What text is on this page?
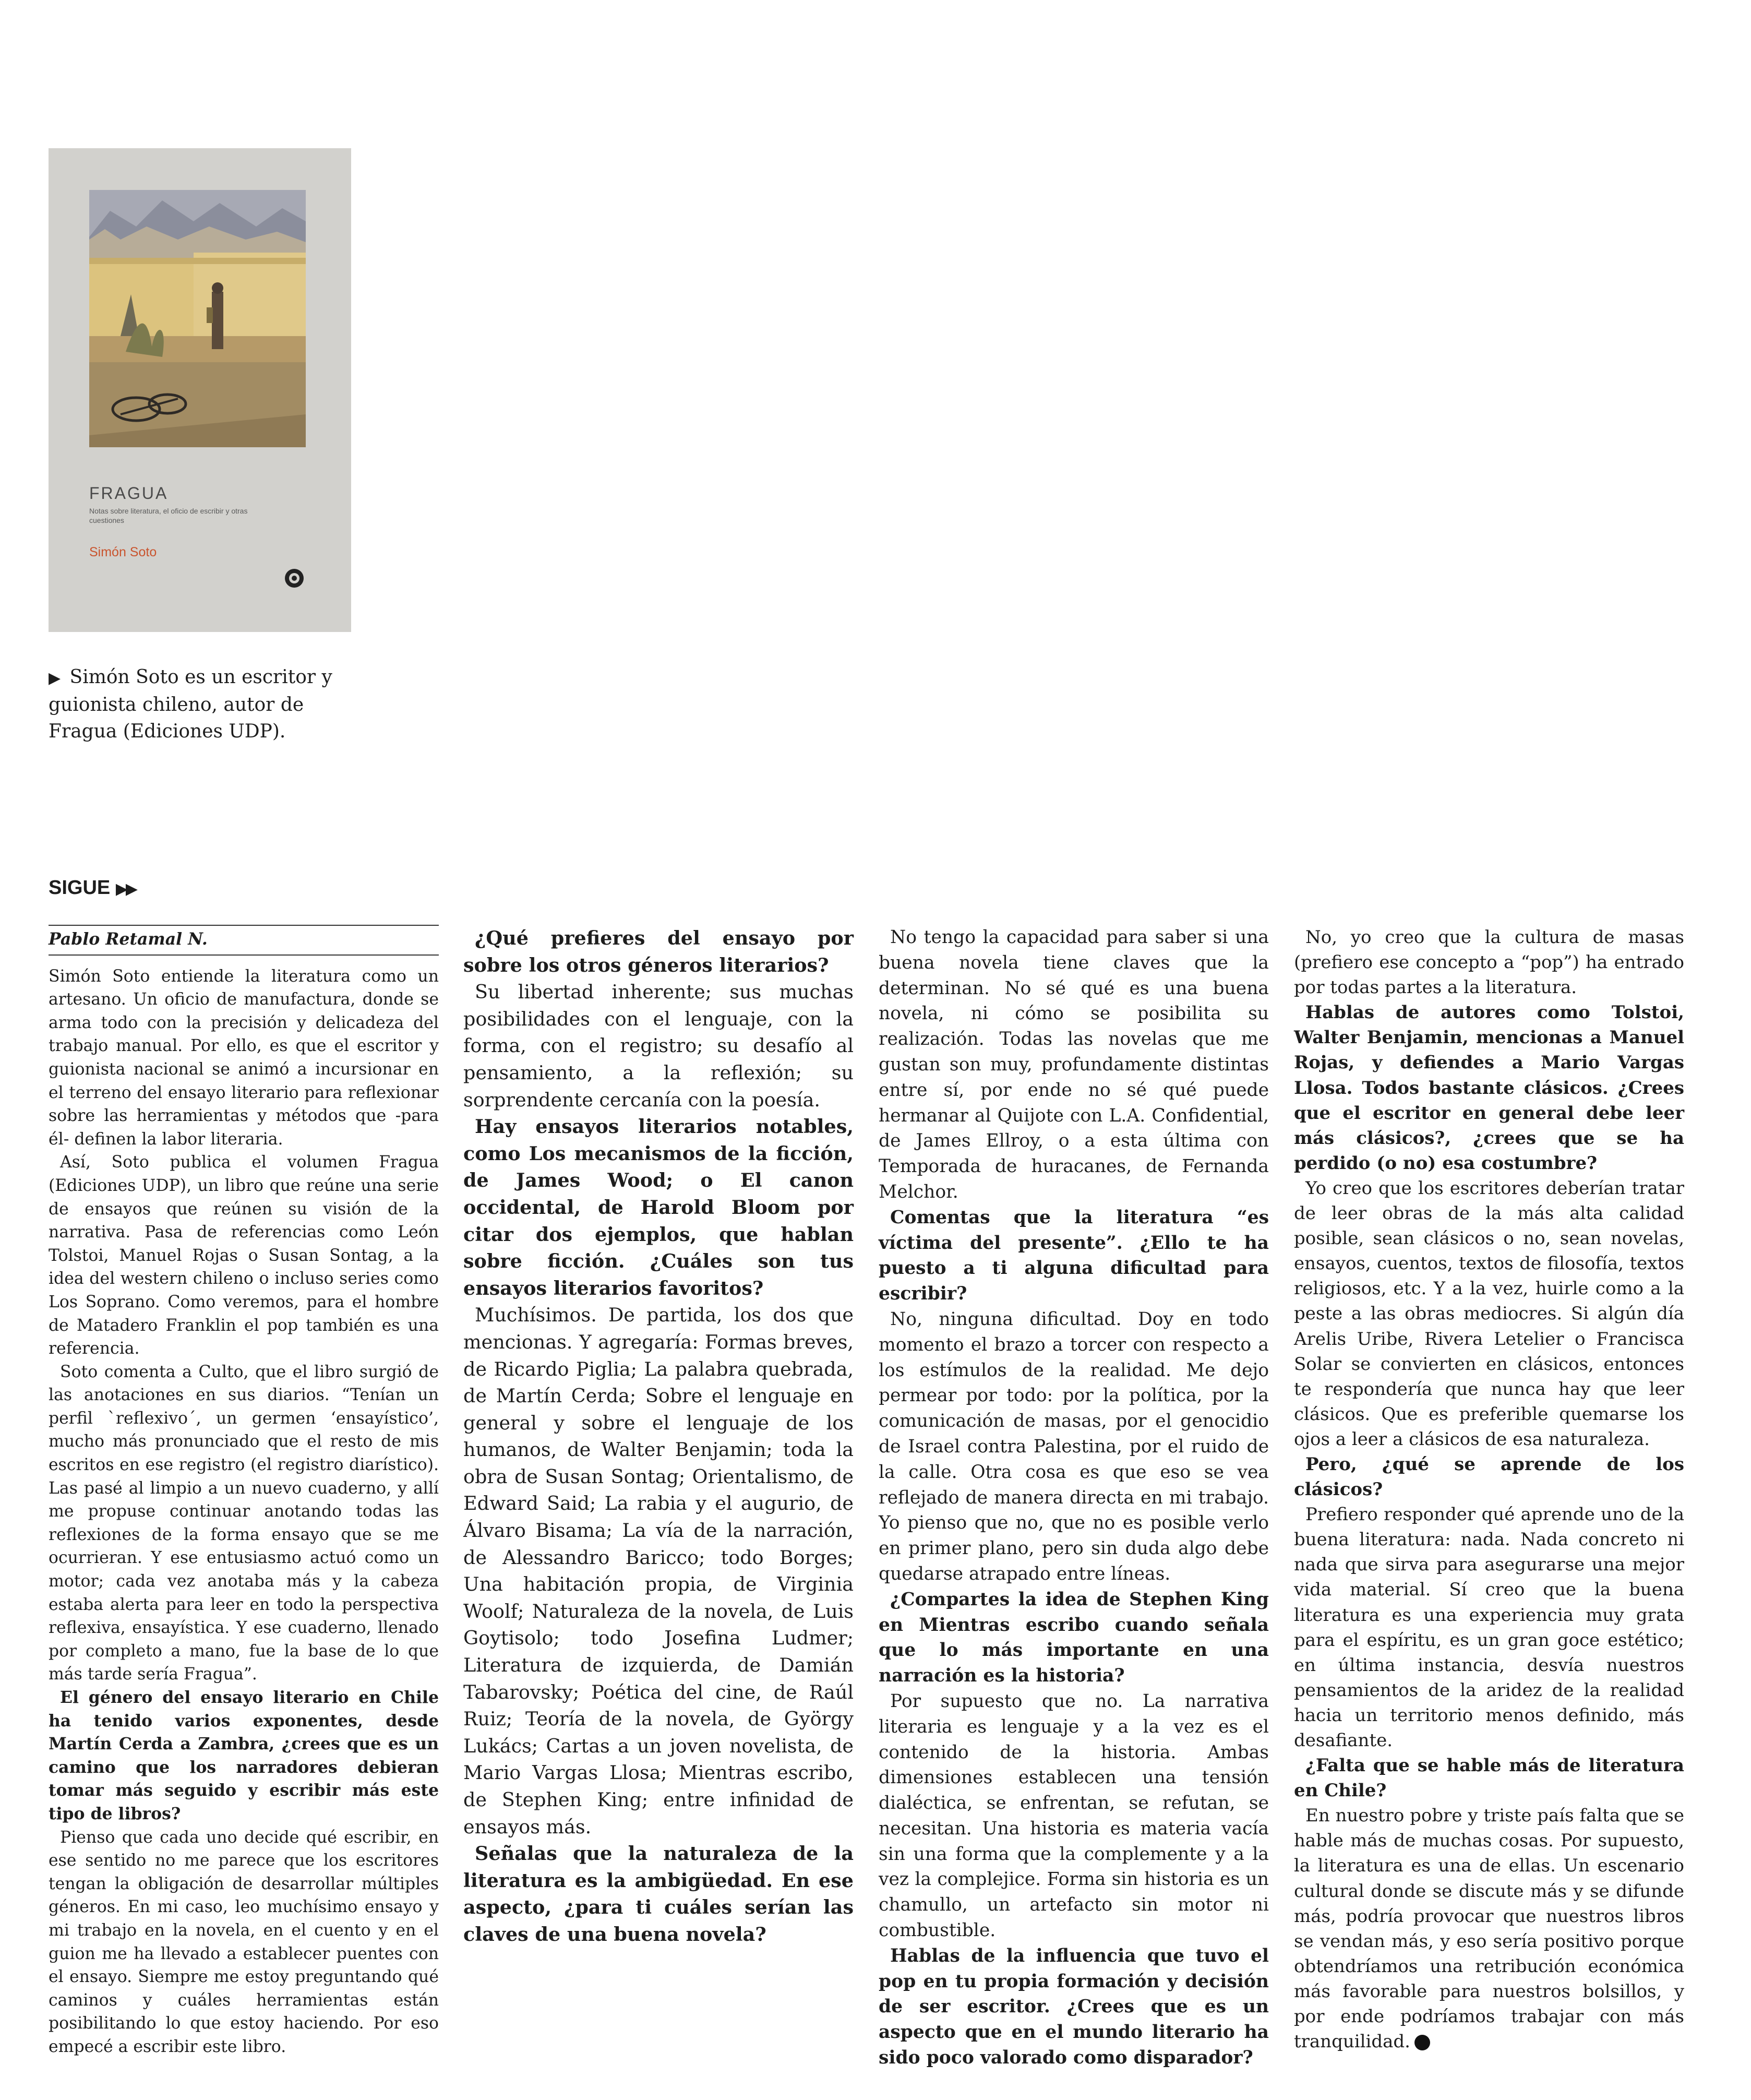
FRAGUA
Notas sobre literatura, el oficio de escribir y otras cuestiones
Simón Soto
▶ Simón Soto es un escritor y guionista chileno, autor de Fragua (Ediciones UDP).
SIGUE ▶▶
Pablo Retamal N.

Simón Soto entiende la literatura como un artesano. Un oficio de manufactura, donde se arma todo con la precisión y delicadeza del trabajo manual. Por ello, es que el escritor y guionista nacional se animó a incursionar en el terreno del ensayo literario para reflexionar sobre las herramientas y métodos que -para él- definen la labor literaria.

Así, Soto publica el volumen Fragua (Ediciones UDP), un libro que reúne una serie de ensayos que reúnen su visión de la narrativa. Pasa de referencias como León Tolstoi, Manuel Rojas o Susan Sontag, a la idea del western chileno o incluso series como Los Soprano. Como veremos, para el hombre de Matadero Franklin el pop también es una referencia.

Soto comenta a Culto, que el libro surgió de las anotaciones en sus diarios. “Tenían un perfil `reflexivo´, un germen ‘ensayístico’, mucho más pronunciado que el resto de mis escritos en ese registro (el registro diarístico). Las pasé al limpio a un nuevo cuaderno, y allí me propuse continuar anotando todas las reflexiones de la forma ensayo que se me ocurrieran. Y ese entusiasmo actuó como un motor; cada vez anotaba más y la cabeza estaba alerta para leer en todo la perspectiva reflexiva, ensayística. Y ese cuaderno, llenado por completo a mano, fue la base de lo que más tarde sería Fragua”.

El género del ensayo literario en Chile ha tenido varios exponentes, desde Martín Cerda a Zambra, ¿crees que es un camino que los narradores debieran tomar más seguido y escribir más este tipo de libros?

Pienso que cada uno decide qué escribir, en ese sentido no me parece que los escritores tengan la obligación de desarrollar múltiples géneros. En mi caso, leo muchísimo ensayo y mi trabajo en la novela, en el cuento y en el guion me ha llevado a establecer puentes con el ensayo. Siempre me estoy preguntando qué caminos y cuáles herramientas están posibilitando lo que estoy haciendo. Por eso empecé a escribir este libro.

¿Qué prefieres del ensayo por sobre los otros géneros literarios?

Su libertad inherente; sus muchas posibilidades con el lenguaje, con la forma, con el registro; su desafío al pensamiento, a la reflexión; su sorprendente cercanía con la poesía.

Hay ensayos literarios notables, como Los mecanismos de la ficción, de James Wood; o El canon occidental, de Harold Bloom por citar dos ejemplos, que hablan sobre ficción. ¿Cuáles son tus ensayos literarios favoritos?

Muchísimos. De partida, los dos que mencionas. Y agregaría: Formas breves, de Ricardo Piglia; La palabra quebrada, de Martín Cerda; Sobre el lenguaje en general y sobre el lenguaje de los humanos, de Walter Benjamin; toda la obra de Susan Sontag; Orientalismo, de Edward Said; La rabia y el augurio, de Álvaro Bisama; La vía de la narración, de Alessandro Baricco; todo Borges; Una habitación propia, de Virginia Woolf; Naturaleza de la novela, de Luis Goytisolo; todo Josefina Ludmer; Literatura de izquierda, de Damián Tabarovsky; Poética del cine, de Raúl Ruiz; Teoría de la novela, de György Lukács; Cartas a un joven novelista, de Mario Vargas Llosa; Mientras escribo, de Stephen King; entre infinidad de ensayos más.

Señalas que la naturaleza de la literatura es la ambigüedad. En ese aspecto, ¿para ti cuáles serían las claves de una buena novela?

No tengo la capacidad para saber si una buena novela tiene claves que la determinan. No sé qué es una buena novela, ni cómo se posibilita su realización. Todas las novelas que me gustan son muy, profundamente distintas entre sí, por ende no sé qué puede hermanar al Quijote con L.A. Confidential, de James Ellroy, o a esta última con Temporada de huracanes, de Fernanda Melchor.

Comentas que la literatura “es víctima del presente”. ¿Ello te ha puesto a ti alguna dificultad para escribir?

No, ninguna dificultad. Doy en todo momento el brazo a torcer con respecto a los estímulos de la realidad. Me dejo permear por todo: por la política, por la comunicación de masas, por el genocidio de Israel contra Palestina, por el ruido de la calle. Otra cosa es que eso se vea reflejado de manera directa en mi trabajo. Yo pienso que no, que no es posible verlo en primer plano, pero sin duda algo debe quedarse atrapado entre líneas.

¿Compartes la idea de Stephen King en Mientras escribo cuando señala que lo más importante en una narración es la historia?

Por supuesto que no. La narrativa literaria es lenguaje y a la vez es el contenido de la historia. Ambas dimensiones establecen una tensión dialéctica, se enfrentan, se refutan, se necesitan. Una historia es materia vacía sin una forma que la complemente y a la vez la complejice. Forma sin historia es un chamullo, un artefacto sin motor ni combustible.

Hablas de la influencia que tuvo el pop en tu propia formación y decisión de ser escritor. ¿Crees que es un aspecto que en el mundo literario ha sido poco valorado como disparador?

No, yo creo que la cultura de masas (prefiero ese concepto a “pop”) ha entrado por todas partes a la literatura.

Hablas de autores como Tolstoi, Walter Benjamin, mencionas a Manuel Rojas, y defiendes a Mario Vargas Llosa. Todos bastante clásicos. ¿Crees que el escritor en general debe leer más clásicos?, ¿crees que se ha perdido (o no) esa costumbre?

Yo creo que los escritores deberían tratar de leer obras de la más alta calidad posible, sean clásicos o no, sean novelas, ensayos, cuentos, textos de filosofía, textos religiosos, etc. Y a la vez, huirle como a la peste a las obras mediocres. Si algún día Arelis Uribe, Rivera Letelier o Francisca Solar se convierten en clásicos, entonces te respondería que nunca hay que leer clásicos. Que es preferible quemarse los ojos a leer a clásicos de esa naturaleza.

Pero, ¿qué se aprende de los clásicos?

Prefiero responder qué aprende uno de la buena literatura: nada. Nada concreto ni nada que sirva para asegurarse una mejor vida material. Sí creo que la buena literatura es una experiencia muy grata para el espíritu, es un gran goce estético; en última instancia, desvía nuestros pensamientos de la aridez de la realidad hacia un territorio menos definido, más desafiante.

¿Falta que se hable más de literatura en Chile?

En nuestro pobre y triste país falta que se hable más de muchas cosas. Por supuesto, la literatura es una de ellas. Un escenario cultural donde se discute más y se difunde más, podría provocar que nuestros libros se vendan más, y eso sería positivo porque obtendríamos una retribución económica más favorable para nuestros bolsillos, y por ende podríamos trabajar con más tranquilidad.
